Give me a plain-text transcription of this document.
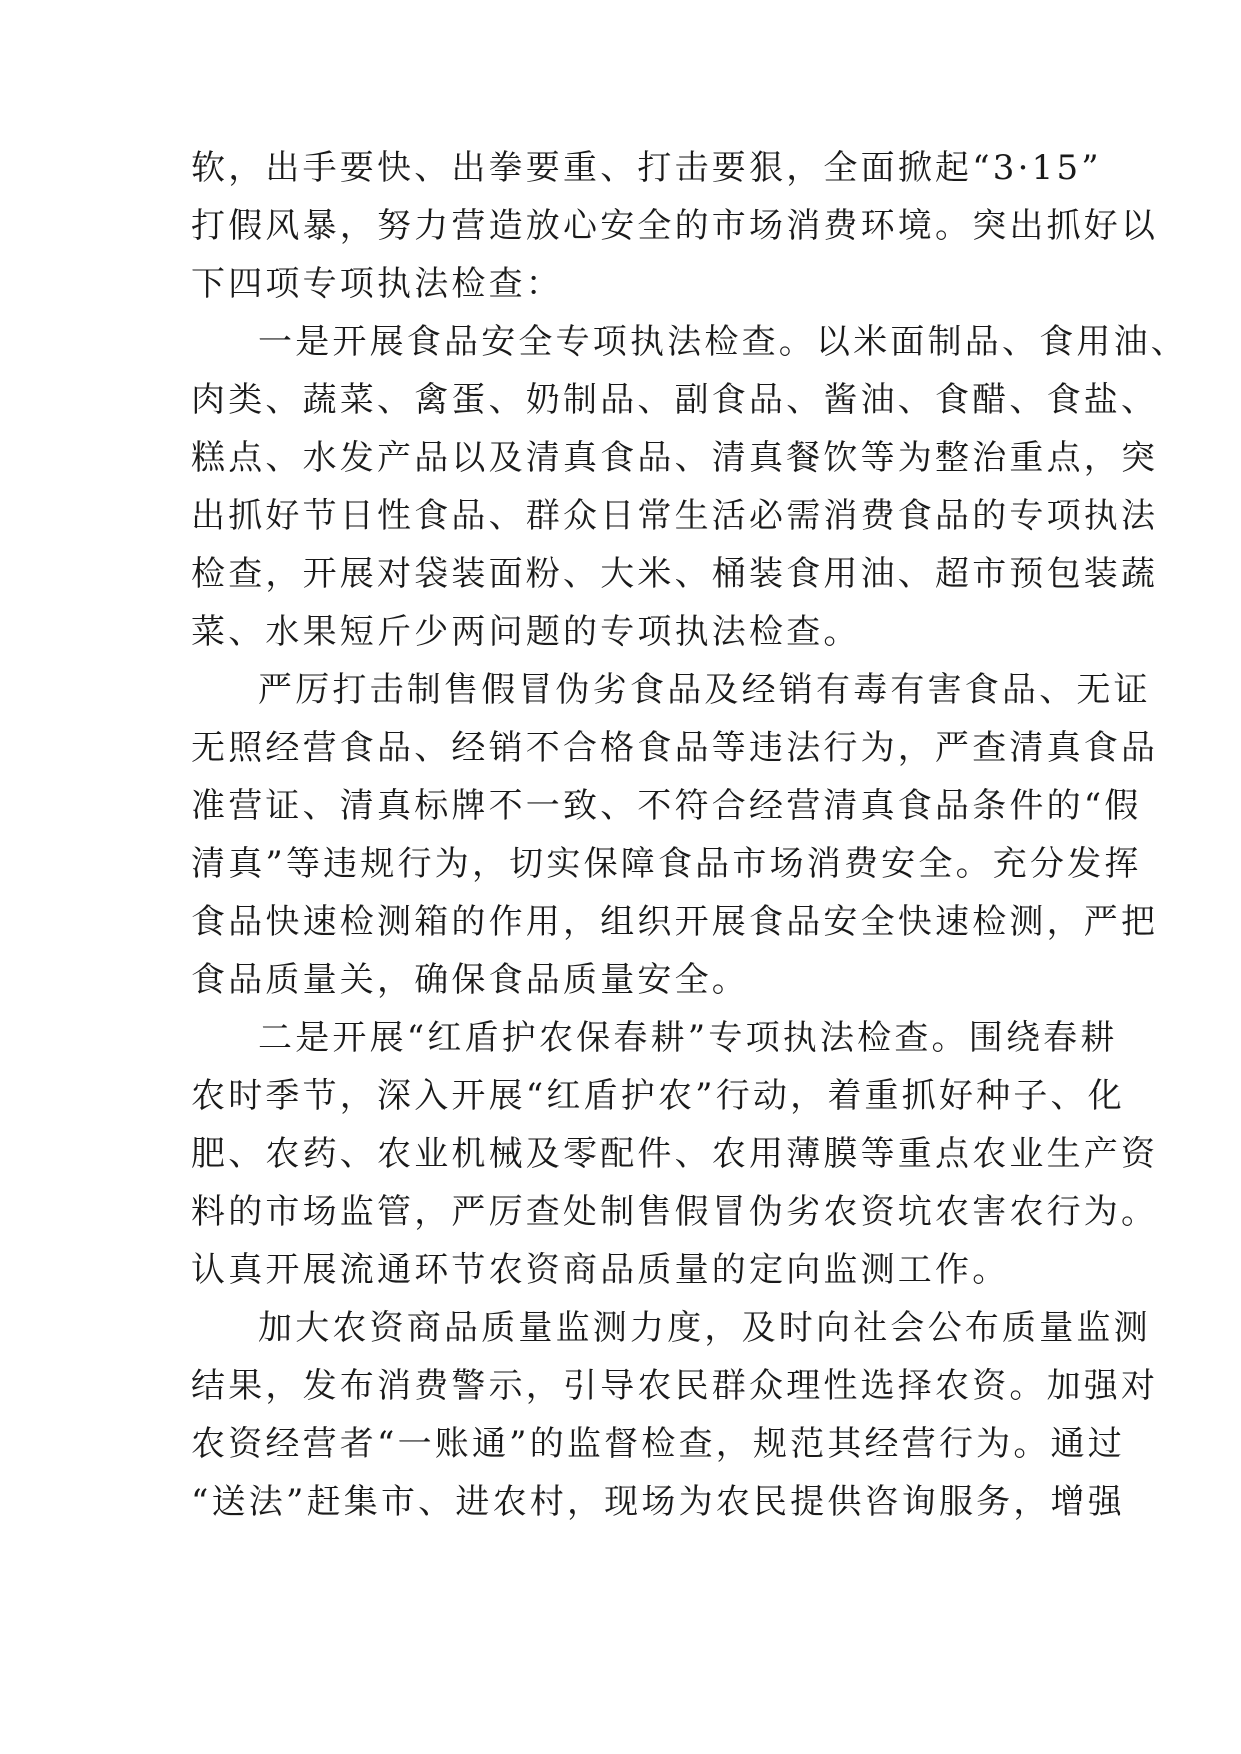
软，出手要快、出拳要重、打击要狠，全面掀起“3·15”
打假风暴，努力营造放心安全的市场消费环境。突出抓好以
下四项专项执法检查：
一是开展食品安全专项执法检查。以米面制品、食用油、
肉类、蔬菜、禽蛋、奶制品、副食品、酱油、食醋、食盐、
糕点、水发产品以及清真食品、清真餐饮等为整治重点，突
出抓好节日性食品、群众日常生活必需消费食品的专项执法
检查，开展对袋装面粉、大米、桶装食用油、超市预包装蔬
菜、水果短斤少两问题的专项执法检查。
严厉打击制售假冒伪劣食品及经销有毒有害食品、无证
无照经营食品、经销不合格食品等违法行为，严查清真食品
准营证、清真标牌不一致、不符合经营清真食品条件的“假
清真”等违规行为，切实保障食品市场消费安全。充分发挥
食品快速检测箱的作用，组织开展食品安全快速检测，严把
食品质量关，确保食品质量安全。
二是开展“红盾护农保春耕”专项执法检查。围绕春耕
农时季节，深入开展“红盾护农”行动，着重抓好种子、化
肥、农药、农业机械及零配件、农用薄膜等重点农业生产资
料的市场监管，严厉查处制售假冒伪劣农资坑农害农行为。
认真开展流通环节农资商品质量的定向监测工作。
加大农资商品质量监测力度，及时向社会公布质量监测
结果，发布消费警示，引导农民群众理性选择农资。加强对
农资经营者“一账通”的监督检查，规范其经营行为。通过
“送法”赶集市、进农村，现场为农民提供咨询服务，增强
